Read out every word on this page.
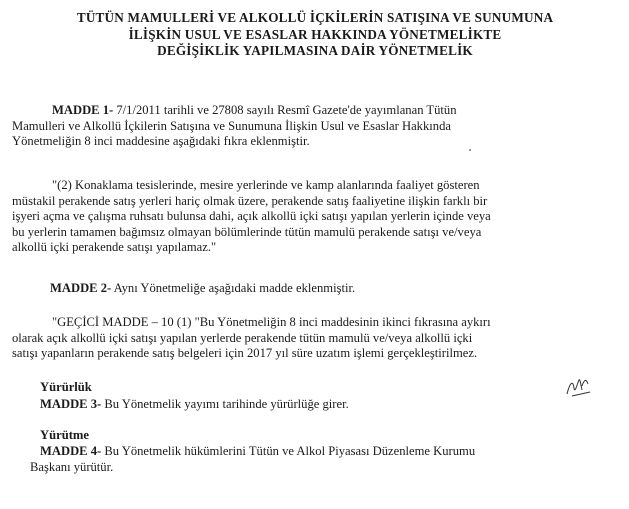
TÜTÜN MAMULLERİ VE ALKOLLÜ İÇKİLERİN SATIŞINA VE SUNUMUNA
İLİŞKİN USUL VE ESASLAR HAKKINDA YÖNETMELİKTE
DEĞİŞİKLİK YAPILMASINA DAİR YÖNETMELİK
MADDE 1- 7/1/2011 tarihli ve 27808 sayılı Resmî Gazete'de yayımlanan Tütün
Mamulleri ve Alkollü İçkilerin Satışına ve Sunumuna İlişkin Usul ve Esaslar Hakkında
Yönetmeliğin 8 inci maddesine aşağıdaki fıkra eklenmiştir.
"(2) Konaklama tesislerinde, mesire yerlerinde ve kamp alanlarında faaliyet gösteren
müstakil perakende satış yerleri hariç olmak üzere, perakende satış faaliyetine ilişkin farklı bir
işyeri açma ve çalışma ruhsatı bulunsa dahi, açık alkollü içki satışı yapılan yerlerin içinde veya
bu yerlerin tamamen bağımsız olmayan bölümlerinde tütün mamulü perakende satışı ve/veya
alkollü içki perakende satışı yapılamaz."
MADDE 2- Aynı Yönetmeliğe aşağıdaki madde eklenmiştir.
"GEÇİCİ MADDE – 10 (1) "Bu Yönetmeliğin 8 inci maddesinin ikinci fıkrasına aykırı
olarak açık alkollü içki satışı yapılan yerlerde perakende tütün mamulü ve/veya alkollü içki
satışı yapanların perakende satış belgeleri için 2017 yıl süre uzatım işlemi gerçekleştirilmez.
Yürürlük
MADDE 3- Bu Yönetmelik yayımı tarihinde yürürlüğe girer.
Yürütme
MADDE 4- Bu Yönetmelik hükümlerini Tütün ve Alkol Piyasası Düzenleme Kurumu
Başkanı yürütür.
